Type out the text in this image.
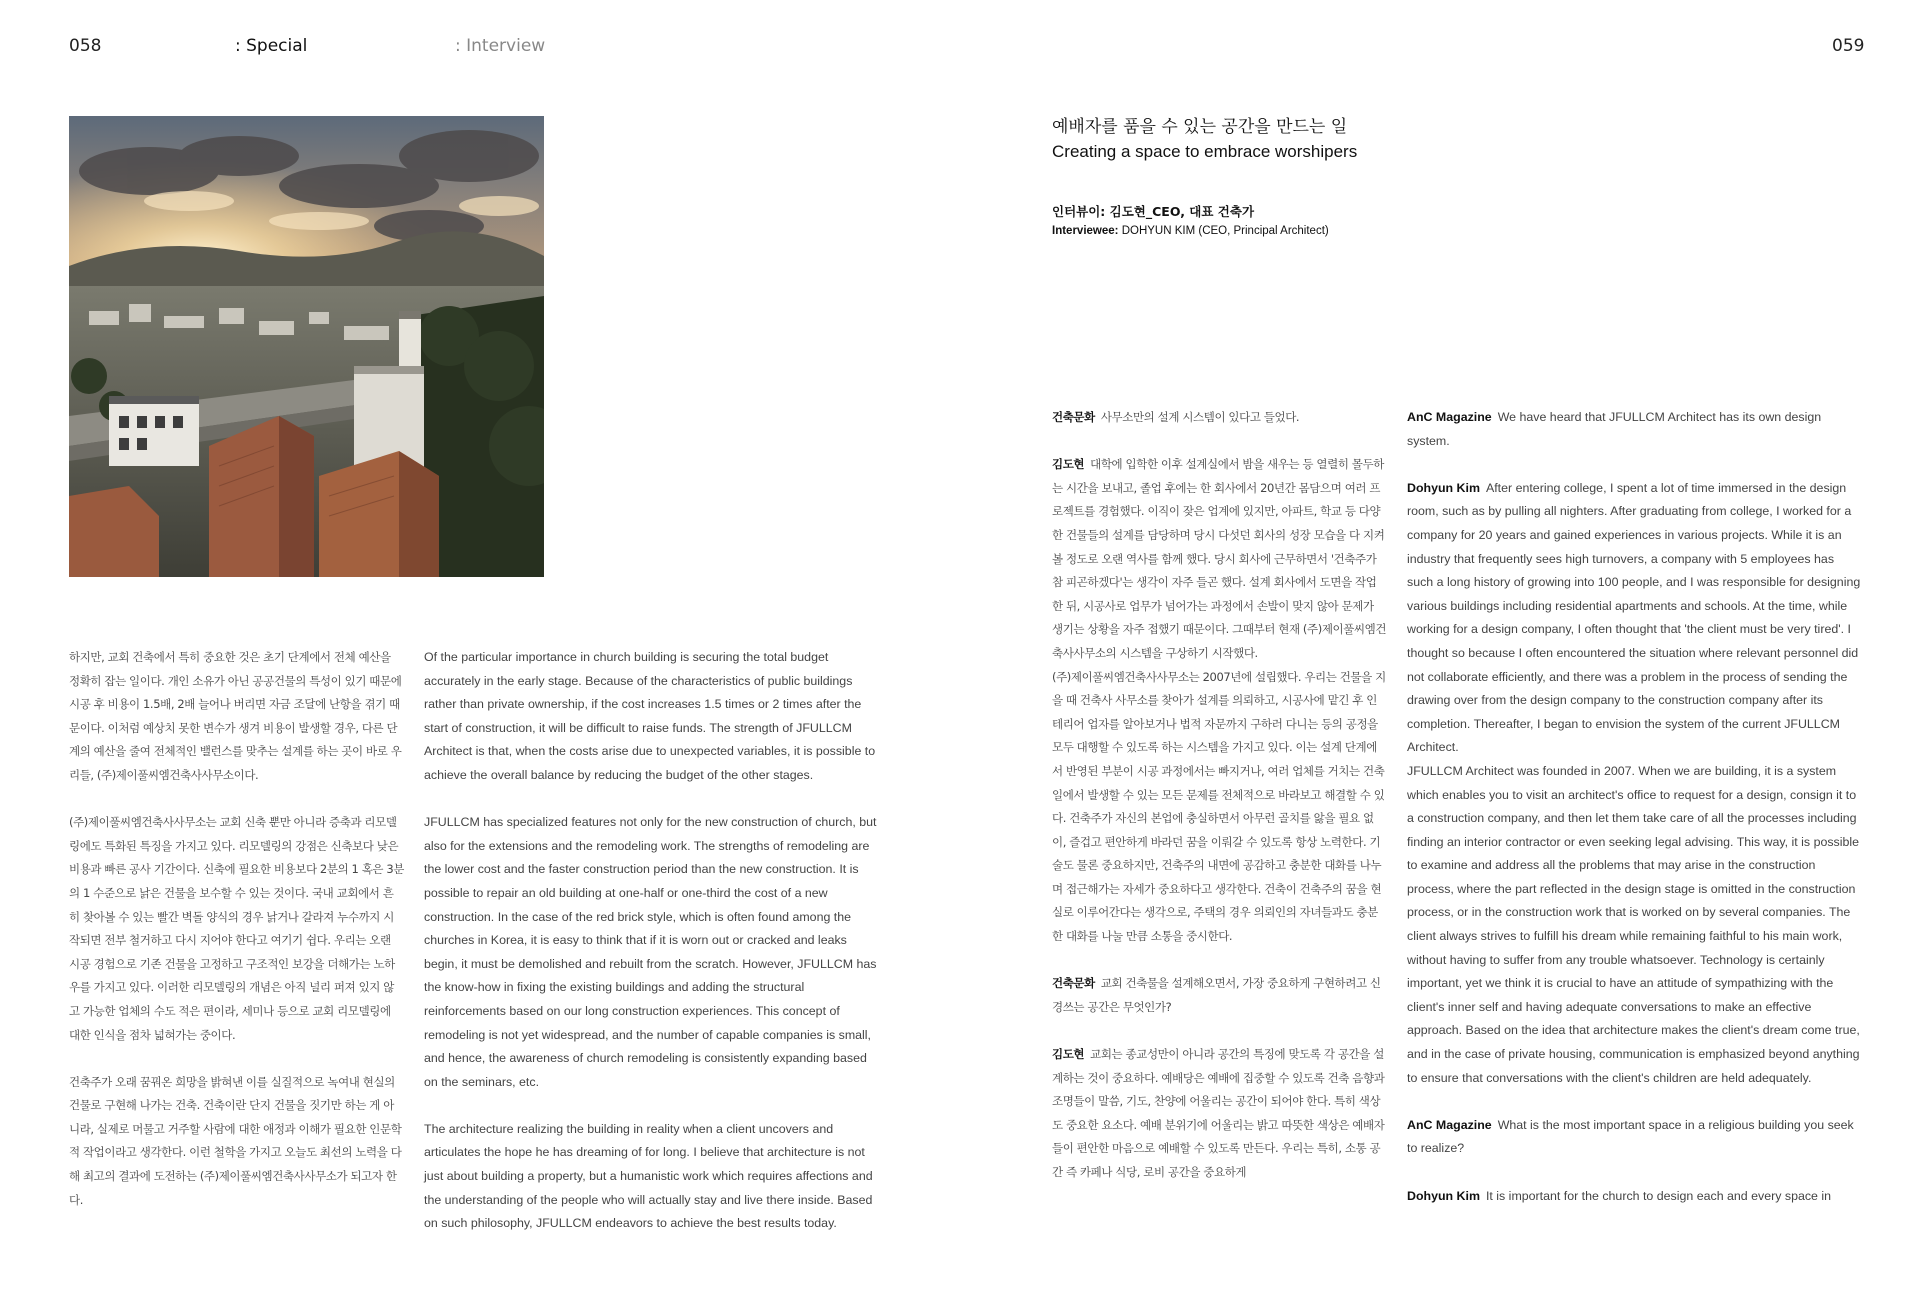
058	: Special	: Interview	059

하지만, 교회 건축에서 특히 중요한 것은 초기 단계에서 전체 예산을 정확히 잡는 일이다. 개인 소유가 아닌 공공건물의 특성이 있기 때문에 시공 후 비용이 1.5배, 2배 늘어나 버리면 자금 조달에 난항을 겪기 때문이다. 이처럼 예상치 못한 변수가 생겨 비용이 발생할 경우, 다른 단계의 예산을 줄여 전체적인 밸런스를 맞추는 설계를 하는 곳이 바로 우리들, (주)제이풀씨엠건축사사무소이다.

(주)제이풀씨엠건축사사무소는 교회 신축 뿐만 아니라 증축과 리모델링에도 특화된 특징을 가지고 있다. 리모델링의 강점은 신축보다 낮은 비용과 빠른 공사 기간이다. 신축에 필요한 비용보다 2분의 1 혹은 3분의 1 수준으로 낡은 건물을 보수할 수 있는 것이다. 국내 교회에서 흔히 찾아볼 수 있는 빨간 벽돌 양식의 경우 낡거나 갈라져 누수까지 시작되면 전부 철거하고 다시 지어야 한다고 여기기 쉽다. 우리는 오랜 시공 경험으로 기존 건물을 고정하고 구조적인 보강을 더해가는 노하우를 가지고 있다. 이러한 리모델링의 개념은 아직 널리 퍼져 있지 않고 가능한 업체의 수도 적은 편이라, 세미나 등으로 교회 리모델링에 대한 인식을 점차 넓혀가는 중이다.

건축주가 오래 꿈꿔온 희망을 밝혀낸 이를 실질적으로 녹여내 현실의 건물로 구현해 나가는 건축. 건축이란 단지 건물을 짓기만 하는 게 아니라, 실제로 머물고 거주할 사람에 대한 애정과 이해가 필요한 인문학적 작업이라고 생각한다. 이런 철학을 가지고 오늘도 최선의 노력을 다해 최고의 결과에 도전하는 (주)제이풀씨엠건축사사무소가 되고자 한다.

Of the particular importance in church building is securing the total budget accurately in the early stage. Because of the characteristics of public buildings rather than private ownership, if the cost increases 1.5 times or 2 times after the start of construction, it will be difficult to raise funds. The strength of JFULLCM Architect is that, when the costs arise due to unexpected variables, it is possible to achieve the overall balance by reducing the budget of the other stages.

JFULLCM has specialized features not only for the new construction of church, but also for the extensions and the remodeling work. The strengths of remodeling are the lower cost and the faster construction period than the new construction. It is possible to repair an old building at one-half or one-third the cost of a new construction. In the case of the red brick style, which is often found among the churches in Korea, it is easy to think that if it is worn out or cracked and leaks begin, it must be demolished and rebuilt from the scratch. However, JFULLCM has the know-how in fixing the existing buildings and adding the structural reinforcements based on our long construction experiences. This concept of remodeling is not yet widespread, and the number of capable companies is small, and hence, the awareness of church remodeling is consistently expanding based on the seminars, etc.

The architecture realizing the building in reality when a client uncovers and articulates the hope he has dreaming of for long. I believe that architecture is not just about building a property, but a humanistic work which requires affections and the understanding of the people who will actually stay and live there inside. Based on such philosophy, JFULLCM endeavors to achieve the best results today.

예배자를 품을 수 있는 공간을 만드는 일
Creating a space to embrace worshipers
인터뷰이: 김도현_CEO, 대표 건축가
Interviewee: DOHYUN KIM (CEO, Principal Architect)

건축문화 사무소만의 설계 시스템이 있다고 들었다.

김도현 대학에 입학한 이후 설계실에서 밤을 새우는 등 열렬히 몰두하는 시간을 보내고, 졸업 후에는 한 회사에서 20년간 몸담으며 여러 프로젝트를 경험했다. 이직이 잦은 업계에 있지만, 아파트, 학교 등 다양한 건물들의 설계를 담당하며 당시 다섯던 회사의 성장 모습을 다 지켜볼 정도로 오랜 역사를 함께 했다. 당시 회사에 근무하면서 '건축주가 참 피곤하겠다'는 생각이 자주 들곤 했다. 설계 회사에서 도면을 작업한 뒤, 시공사로 업무가 넘어가는 과정에서 손발이 맞지 않아 문제가 생기는 상황을 자주 접했기 때문이다. 그때부터 현재 (주)제이풀씨엠건축사사무소의 시스템을 구상하기 시작했다.

(주)제이풀씨엠건축사사무소는 2007년에 설립했다. 우리는 건물을 지을 때 건축사 사무소를 찾아가 설계를 의뢰하고, 시공사에 맡긴 후 인테리어 업자를 알아보거나 법적 자문까지 구하러 다니는 등의 공정을 모두 대행할 수 있도록 하는 시스템을 가지고 있다. 이는 설계 단계에서 반영된 부분이 시공 과정에서는 빠지거나, 여러 업체를 거치는 건축 일에서 발생할 수 있는 모든 문제를 전체적으로 바라보고 해결할 수 있다. 건축주가 자신의 본업에 충실하면서 아무런 골치를 앓을 필요 없이, 즐겁고 편안하게 바라던 꿈을 이뤄갈 수 있도록 항상 노력한다. 기술도 물론 중요하지만, 건축주의 내면에 공감하고 충분한 대화를 나누며 접근해가는 자세가 중요하다고 생각한다. 건축이 건축주의 꿈을 현실로 이루어간다는 생각으로, 주택의 경우 의뢰인의 자녀들과도 충분한 대화를 나눌 만큼 소통을 중시한다.

건축문화 교회 건축물을 설계해오면서, 가장 중요하게 구현하려고 신경쓰는 공간은 무엇인가?

김도현 교회는 종교성만이 아니라 공간의 특징에 맞도록 각 공간을 설계하는 것이 중요하다. 예배당은 예배에 집중할 수 있도록 건축 음향과 조명들이 말씀, 기도, 찬양에 어울리는 공간이 되어야 한다. 특히 색상도 중요한 요소다. 예배 분위기에 어울리는 밝고 따뜻한 색상은 예배자들이 편안한 마음으로 예배할 수 있도록 만든다. 우리는 특히, 소통 공간 즉 카페나 식당, 로비 공간을 중요하게

AnC Magazine We have heard that JFULLCM Architect has its own design system.

Dohyun Kim After entering college, I spent a lot of time immersed in the design room, such as by pulling all nighters. After graduating from college, I worked for a company for 20 years and gained experiences in various projects. While it is an industry that frequently sees high turnovers, a company with 5 employees has such a long history of growing into 100 people, and I was responsible for designing various buildings including residential apartments and schools. At the time, while working for a design company, I often thought that 'the client must be very tired'. I thought so because I often encountered the situation where relevant personnel did not collaborate efficiently, and there was a problem in the process of sending the drawing over from the design company to the construction company after its completion. Thereafter, I began to envision the system of the current JFULLCM Architect.

JFULLCM Architect was founded in 2007. When we are building, it is a system which enables you to visit an architect's office to request for a design, consign it to a construction company, and then let them take care of all the processes including finding an interior contractor or even seeking legal advising. This way, it is possible to examine and address all the problems that may arise in the construction process, where the part reflected in the design stage is omitted in the construction process, or in the construction work that is worked on by several companies. The client always strives to fulfill his dream while remaining faithful to his main work, without having to suffer from any trouble whatsoever. Technology is certainly important, yet we think it is crucial to have an attitude of sympathizing with the client's inner self and having adequate conversations to make an effective approach. Based on the idea that architecture makes the client's dream come true, and in the case of private housing, communication is emphasized beyond anything to ensure that conversations with the client's children are held adequately.

AnC Magazine What is the most important space in a religious building you seek to realize?

Dohyun Kim It is important for the church to design each and every space in
